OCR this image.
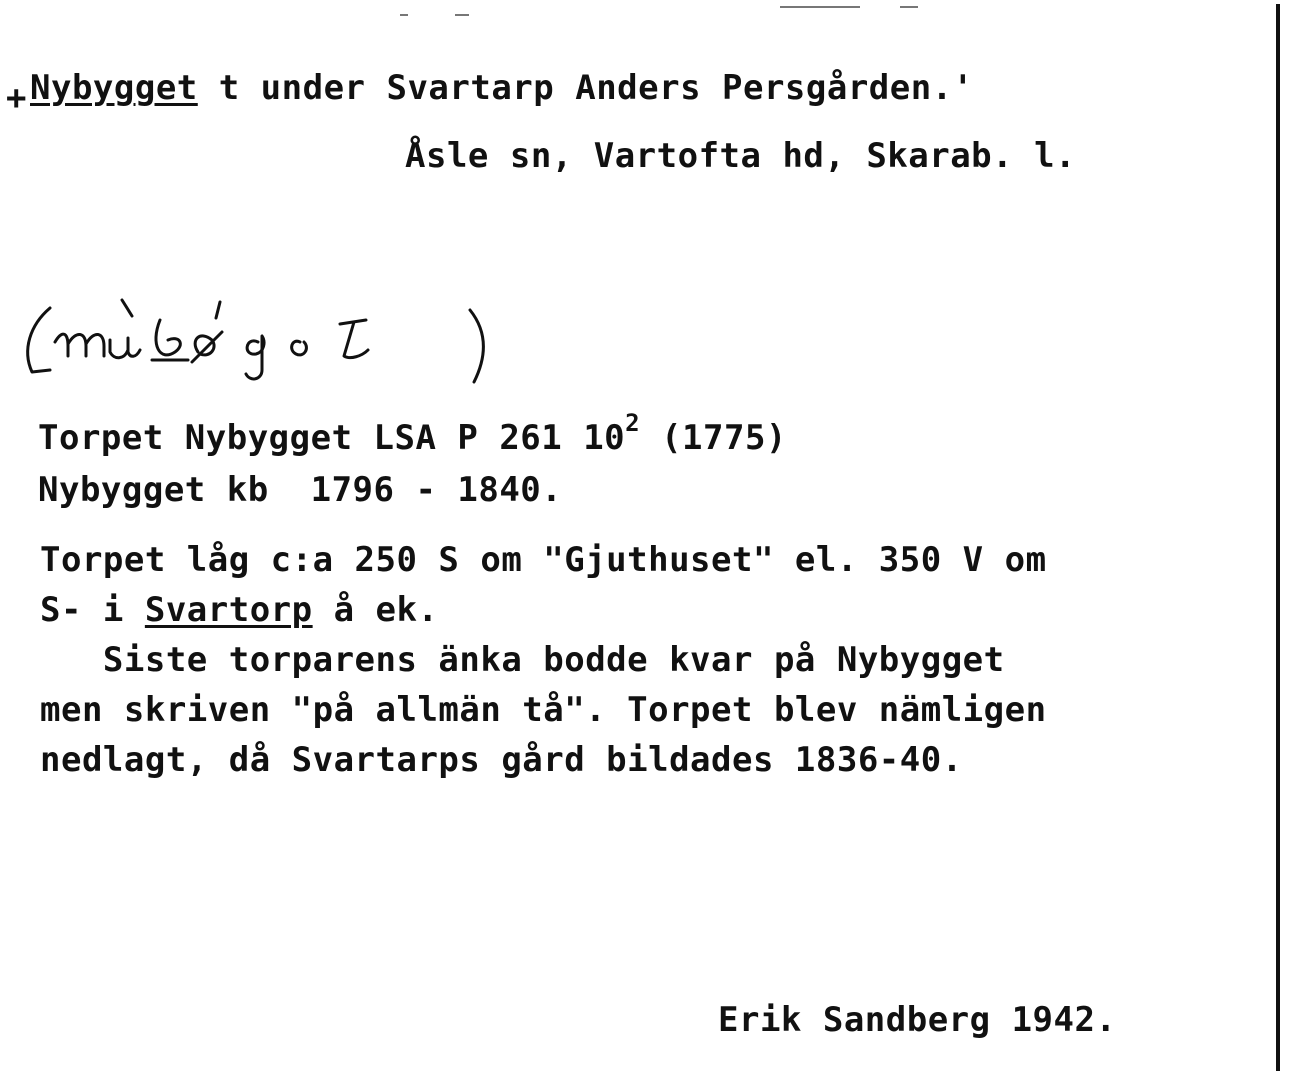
+ Nybygget t under Svartarp Anders Persgården.'
Åsle sn, Vartofta hd, Skarab. l.
Torpet Nybygget LSA P 261 $10^2$ (1775)
Nybygget kb  1796 - 1840.
Torpet låg c:a 250 S om "Gjuthuset" el. 350 V om
S- i Svartorp å ek.
Siste torparens änka bodde kvar på Nybygget
men skriven "på allmän tå". Torpet blev nämligen
nedlagt, då Svartarps gård bildades 1836-40.
Erik Sandberg 1942.
